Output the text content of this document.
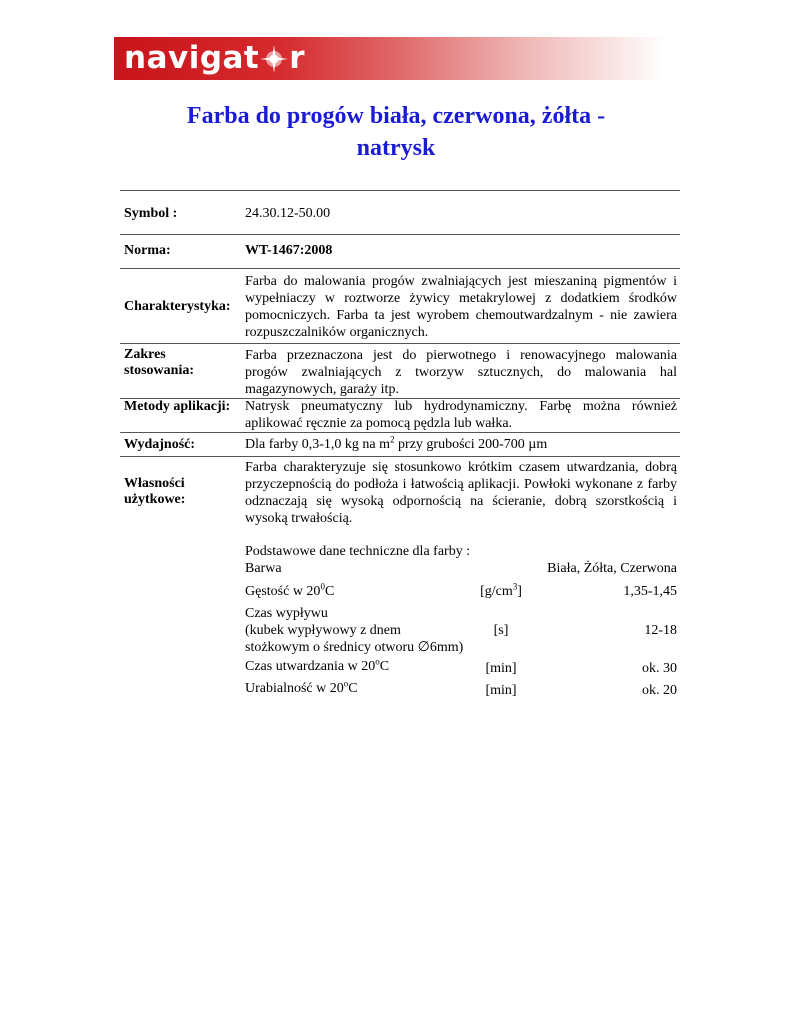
navigat r
Farba do progów biała, czerwona, żółta -
natrysk
Symbol :	24.30.12-50.00
Norma:	WT-1467:2008
Charakterystyka:
Farba do malowania progów zwalniających jest mieszaniną pigmentów i wypełniaczy w roztworze żywicy metakrylowej z dodatkiem środków pomocniczych. Farba ta jest wyrobem chemoutwardzalnym - nie zawiera rozpuszczalników organicznych.
Zakres
stosowania:
Farba przeznaczona jest do pierwotnego i renowacyjnego malowania progów zwalniających z tworzyw sztucznych, do malowania hal magazynowych, garaży itp.
Metody aplikacji: Natrysk pneumatyczny lub hydrodynamiczny. Farbę można również aplikować ręcznie za pomocą pędzla lub wałka.
Wydajność:	Dla farby 0,3-1,0 kg na $m^2$ przy grubości 200-700 µm
Własności
użytkowe:
Farba charakteryzuje się stosunkowo krótkim czasem utwardzania, dobrą przyczepnością do podłoża i łatwością aplikacji. Powłoki wykonane z farby odznaczają się wysoką odpornością na ścieranie, dobrą szorstkością i wysoką trwałością.
Podstawowe dane techniczne dla farby :
Barwa	Biała, Żółta, Czerwona
Gęstość w $20^0C$	$[g/cm^3]$	1,35-1,45
Czas wypływu
(kubek wypływowy z dnem	[s]	12-18
stożkowym o średnicy otworu ∅6mm)
Czas utwardzania w 20$^o$C	[min]	ok. 30
Urabialność w 20$^o$C	[min]	ok. 20
